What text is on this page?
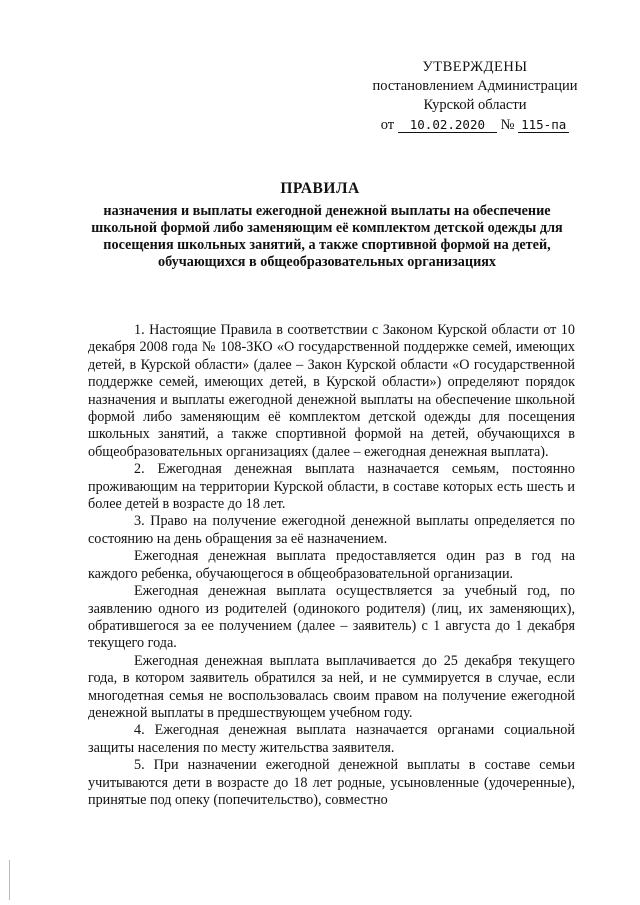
УТВЕРЖДЕНЫ
постановлением Администрации
Курской области
от 10.02.2020 № 115-па
ПРАВИЛА
назначения и выплаты ежегодной денежной выплаты на обеспечение школьной формой либо заменяющим её комплектом детской одежды для посещения школьных занятий, а также спортивной формой на детей, обучающихся в общеобразовательных организациях

1. Настоящие Правила в соответствии с Законом Курской области от 10 декабря 2008 года № 108-ЗКО «О государственной поддержке семей, имеющих детей, в Курской области» (далее – Закон Курской области «О государственной поддержке семей, имеющих детей, в Курской области») определяют порядок назначения и выплаты ежегодной денежной выплаты на обеспечение школьной формой либо заменяющим её комплектом детской одежды для посещения школьных занятий, а также спортивной формой на детей, обучающихся в общеобразовательных организациях (далее – ежегодная денежная выплата).

2. Ежегодная денежная выплата назначается семьям, постоянно проживающим на территории Курской области, в составе которых есть шесть и более детей в возрасте до 18 лет.

3. Право на получение ежегодной денежной выплаты определяется по состоянию на день обращения за её назначением.

Ежегодная денежная выплата предоставляется один раз в год на каждого ребенка, обучающегося в общеобразовательной организации.

Ежегодная денежная выплата осуществляется за учебный год, по заявлению одного из родителей (одинокого родителя) (лиц, их заменяющих), обратившегося за ее получением (далее – заявитель) с 1 августа до 1 декабря текущего года.

Ежегодная денежная выплата выплачивается до 25 декабря текущего года, в котором заявитель обратился за ней, и не суммируется в случае, если многодетная семья не воспользовалась своим правом на получение ежегодной денежной выплаты в предшествующем учебном году.

4. Ежегодная денежная выплата назначается органами социальной защиты населения по месту жительства заявителя.

5. При назначении ежегодной денежной выплаты в составе семьи учитываются дети в возрасте до 18 лет родные, усыновленные (удочеренные), принятые под опеку (попечительство), совместно
